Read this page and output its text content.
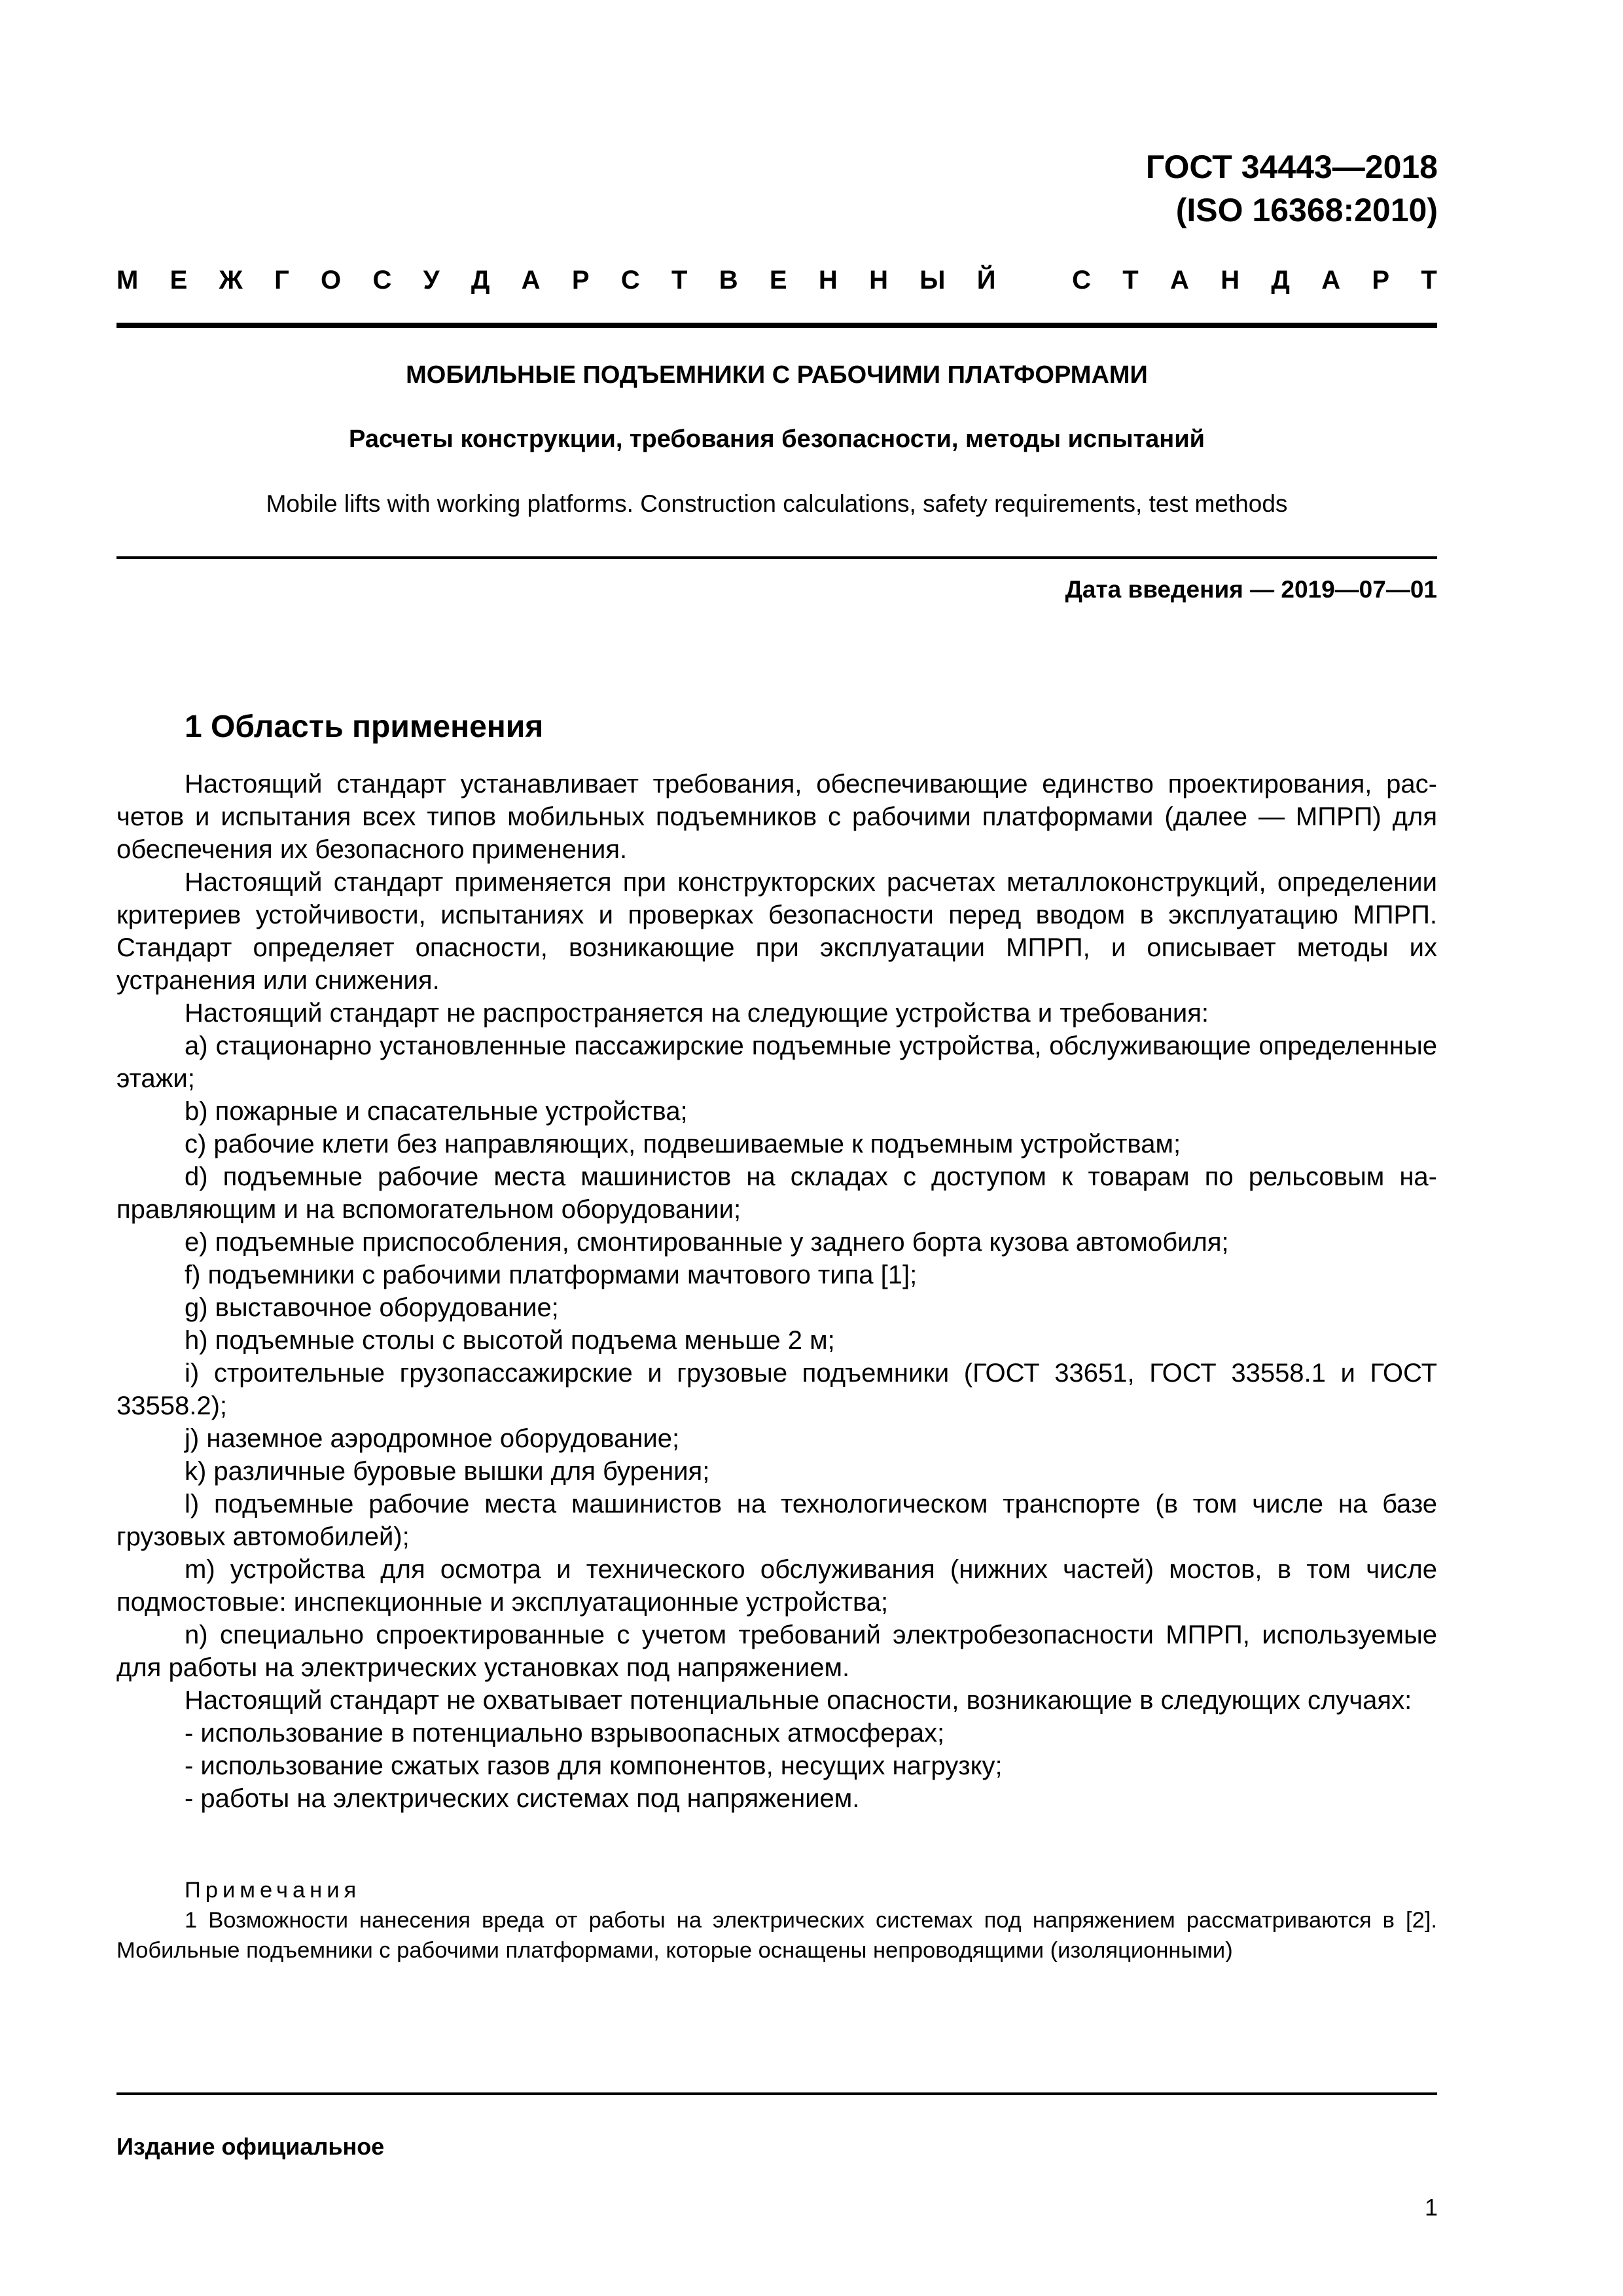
ГОСТ 34443—2018
(ISO 16368:2010)
М Е Ж Г О С У Д А Р С Т В Е Н Н Ы Й	С Т А Н Д А Р Т
МОБИЛЬНЫЕ ПОДЪЕМНИКИ С РАБОЧИМИ ПЛАТФОРМАМИ
Расчеты конструкции, требования безопасности, методы испытаний
Mobile lifts with working platforms. Construction calculations, safety requirements, test methods
Дата введения — 2019—07—01
1 Область применения

Настоящий стандарт устанавливает требования, обеспечивающие единство проектирования, расчетов и испытания всех типов мобильных подъемников с рабочими платформами (далее — МПРП) для обеспечения их безопасного применения.

Настоящий стандарт применяется при конструкторских расчетах металлоконструкций, определении критериев устойчивости, испытаниях и проверках безопасности перед вводом в эксплуатацию МПРП. Стандарт определяет опасности, возникающие при эксплуатации МПРП, и описывает методы их устранения или снижения.

Настоящий стандарт не распространяется на следующие устройства и требования:

a) стационарно установленные пассажирские подъемные устройства, обслуживающие определенные этажи;

b) пожарные и спасательные устройства;

c) рабочие клети без направляющих, подвешиваемые к подъемным устройствам;

d) подъемные рабочие места машинистов на складах с доступом к товарам по рельсовым направляющим и на вспомогательном оборудовании;

e) подъемные приспособления, смонтированные у заднего борта кузова автомобиля;

f) подъемники с рабочими платформами мачтового типа [1];

g) выставочное оборудование;

h) подъемные столы с высотой подъема меньше 2 м;

i) строительные грузопассажирские и грузовые подъемники (ГОСТ 33651, ГОСТ 33558.1 и ГОСТ 33558.2);

j) наземное аэродромное оборудование;

k) различные буровые вышки для бурения;

l) подъемные рабочие места машинистов на технологическом транспорте (в том числе на базе грузовых автомобилей);

m) устройства для осмотра и технического обслуживания (нижних частей) мостов, в том числе подмостовые: инспекционные и эксплуатационные устройства;

n) специально спроектированные с учетом требований электробезопасности МПРП, используемые для работы на электрических установках под напряжением.

Настоящий стандарт не охватывает потенциальные опасности, возникающие в следующих случаях:

- использование в потенциально взрывоопасных атмосферах;

- использование сжатых газов для компонентов, несущих нагрузку;

- работы на электрических системах под напряжением.

Примечания

1 Возможности нанесения вреда от работы на электрических системах под напряжением рассматриваются в [2]. Мобильные подъемники с рабочими платформами, которые оснащены непроводящими (изоляционными)

Издание официальное
1
